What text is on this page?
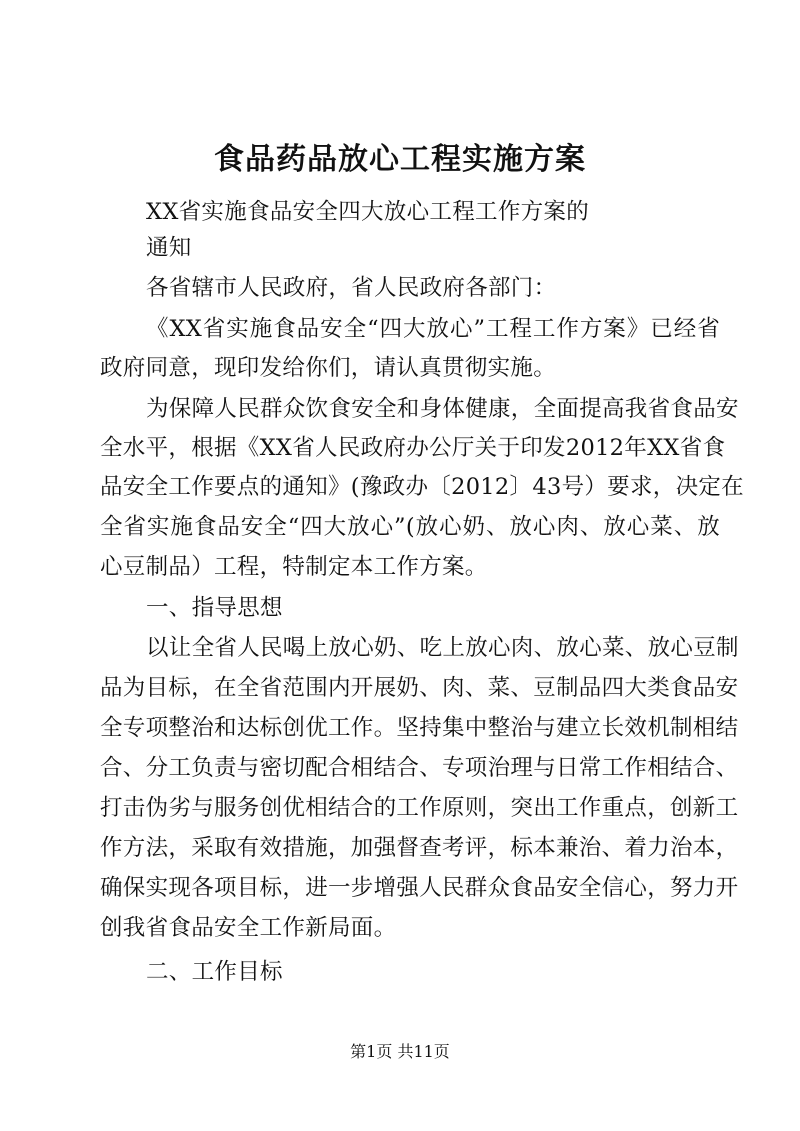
食品药品放心工程实施方案

XX省实施食品安全四大放心工程工作方案的

通知

各省辖市人民政府，省人民政府各部门：

《XX省实施食品安全“四大放心”工程工作方案》已经省

政府同意，现印发给你们，请认真贯彻实施。

为保障人民群众饮食安全和身体健康，全面提高我省食品安

全水平，根据《XX省人民政府办公厅关于印发2012年XX省食

品安全工作要点的通知》(豫政办〔2012〕43号）要求，决定在

全省实施食品安全“四大放心”(放心奶、放心肉、放心菜、放

心豆制品）工程，特制定本工作方案。

一、指导思想

以让全省人民喝上放心奶、吃上放心肉、放心菜、放心豆制

品为目标，在全省范围内开展奶、肉、菜、豆制品四大类食品安

全专项整治和达标创优工作。坚持集中整治与建立长效机制相结

合、分工负责与密切配合相结合、专项治理与日常工作相结合、

打击伪劣与服务创优相结合的工作原则，突出工作重点，创新工

作方法，采取有效措施，加强督查考评，标本兼治、着力治本，

确保实现各项目标，进一步增强人民群众食品安全信心，努力开

创我省食品安全工作新局面。

二、工作目标

第1页 共11页
